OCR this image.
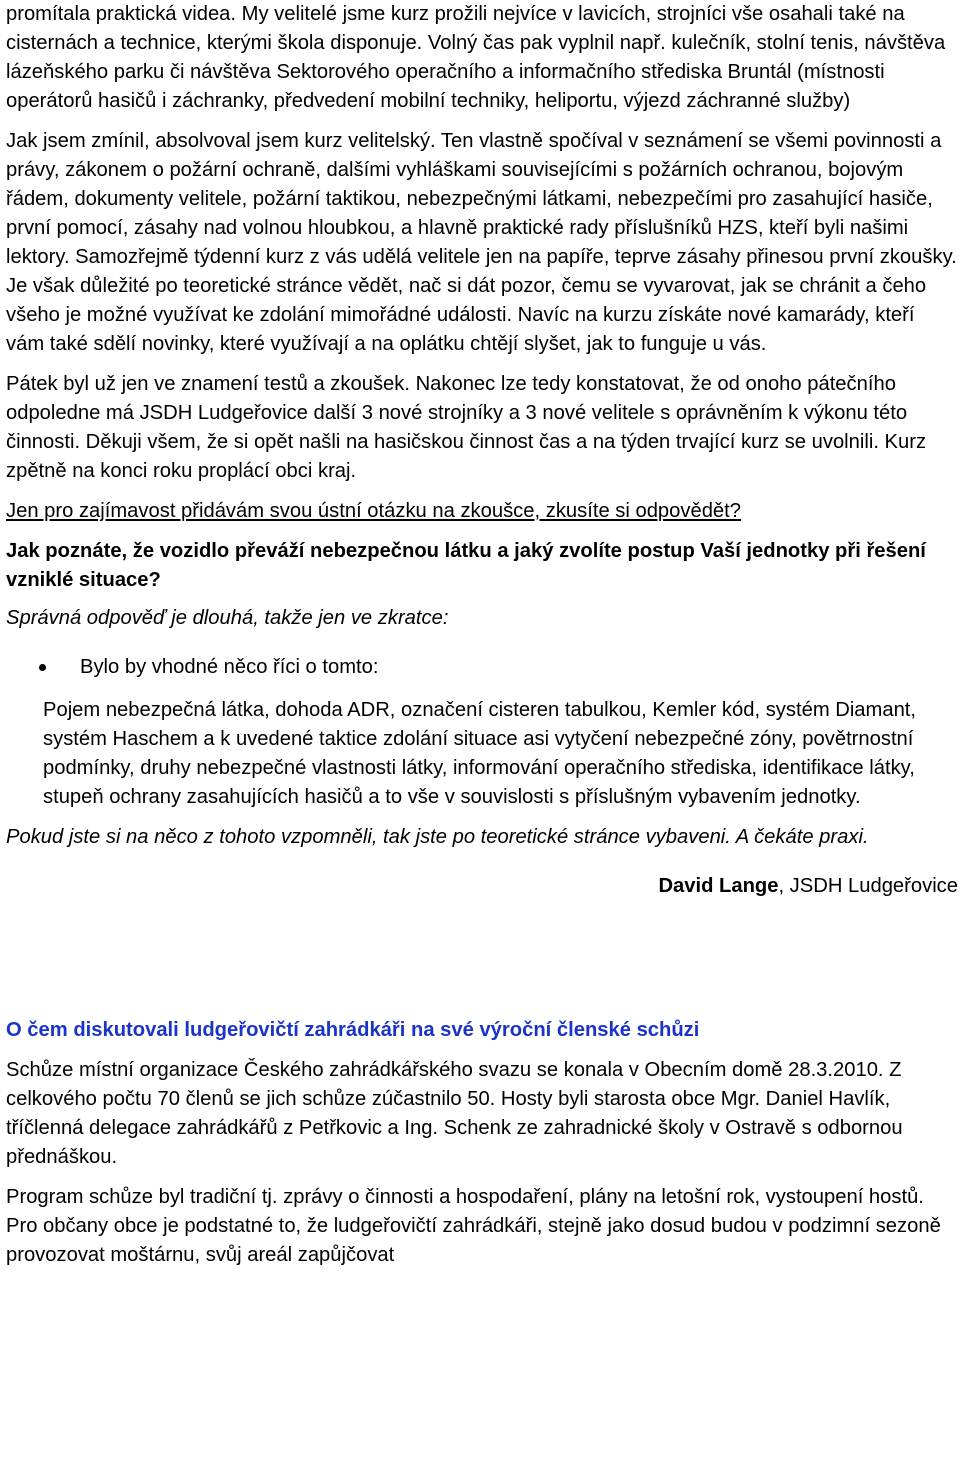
promítala praktická videa. My velitelé jsme kurz prožili nejvíce v lavicích, strojníci vše osahali také na cisternách a technice, kterými škola disponuje. Volný čas pak vyplnil např. kulečník, stolní tenis, návštěva lázeňského parku či návštěva Sektorového operačního a informačního střediska Bruntál (místnosti operátorů hasičů i záchranky, předvedení mobilní techniky, heliportu, výjezd záchranné služby)

Jak jsem zmínil, absolvoval jsem kurz velitelský. Ten vlastně spočíval v seznámení se všemi povinnosti a právy, zákonem o požární ochraně, dalšími vyhláškami souvisejícími s požárních ochranou, bojovým řádem, dokumenty velitele, požární taktikou, nebezpečnými látkami, nebezpečími pro zasahující hasiče, první pomocí, zásahy nad volnou hloubkou, a hlavně praktické rady příslušníků HZS, kteří byli našimi lektory. Samozřejmě týdenní kurz z vás udělá velitele jen na papíře, teprve zásahy přinesou první zkoušky. Je však důležité po teoretické stránce vědět, nač si dát pozor, čemu se vyvarovat, jak se chránit a čeho všeho je možné využívat ke zdolání mimořádné události. Navíc na kurzu získáte nové kamarády, kteří vám také sdělí novinky, které využívají a na oplátku chtějí slyšet, jak to funguje u vás.

Pátek byl už jen ve znamení testů a zkoušek. Nakonec lze tedy konstatovat, že od onoho pátečního odpoledne má JSDH Ludgeřovice další 3 nové strojníky a 3 nové velitele s oprávněním k výkonu této činnosti. Děkuji všem, že si opět našli na hasičskou činnost čas a na týden trvající kurz se uvolnili. Kurz zpětně na konci roku proplácí obci kraj.

Jen pro zajímavost přidávám svou ústní otázku na zkoušce, zkusíte si odpovědět?

Jak poznáte, že vozidlo převáží nebezpečnou látku a jaký zvolíte postup Vaší jednotky při řešení vzniklé situace?

Správná odpověď je dlouhá, takže jen ve zkratce:

Bylo by vhodné něco říci o tomto:

Pojem nebezpečná látka, dohoda ADR, označení cisteren tabulkou, Kemler kód, systém Diamant, systém Haschem a k uvedené taktice zdolání situace asi vytyčení nebezpečné zóny, povětrnostní podmínky, druhy nebezpečné vlastnosti látky, informování operačního střediska, identifikace látky, stupeň ochrany zasahujících hasičů a to vše v souvislosti s příslušným vybavením jednotky.

Pokud jste si na něco z tohoto vzpomněli, tak jste po teoretické stránce vybaveni. A čekáte praxi.

David Lange, JSDH Ludgeřovice

O čem diskutovali ludgeřovičtí zahrádkáři na své výroční členské schůzi

Schůze místní organizace Českého zahrádkářského svazu se konala v Obecním domě 28.3.2010. Z celkového počtu 70 členů se jich schůze zúčastnilo 50. Hosty byli starosta obce Mgr. Daniel Havlík, tříčlenná delegace zahrádkářů z Petřkovic a Ing. Schenk ze zahradnické školy v Ostravě s odbornou přednáškou.

Program schůze byl tradiční tj. zprávy o činnosti a hospodaření, plány na letošní rok, vystoupení hostů. Pro občany obce je podstatné to, že ludgeřovičtí zahrádkáři, stejně jako dosud budou v podzimní sezoně provozovat moštárnu, svůj areál zapůjčovat
